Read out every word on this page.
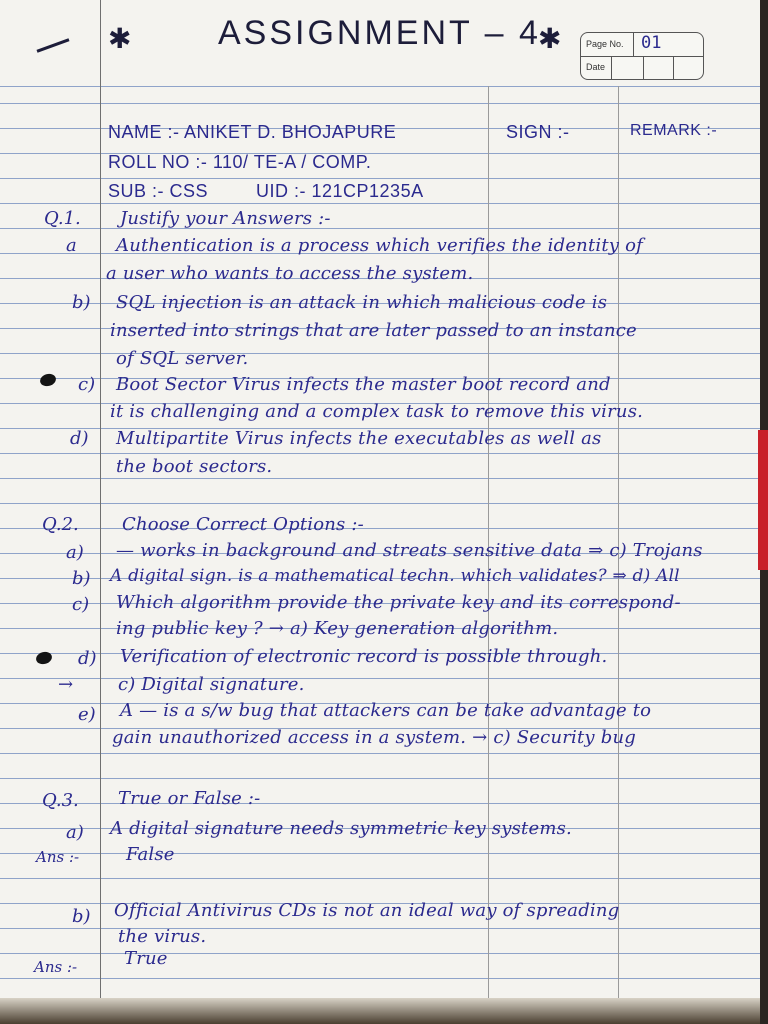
✱	ASSIGNMENT – 4
✱	Page No. 01
Date
NAME :- ANIKET D. BHOJAPURE	SIGN :-	REMARK :-
ROLL NO :- 110/ TE-A / COMP.
SUB :- CSS	UID :- 121CP1235A
Q.1. Justify your Answers :-
a Authentication is a process which verifies the identity of
a user who wants to access the system.
b) SQL injection is an attack in which malicious code is
inserted into strings that are later passed to an instance
of SQL server.
c) Boot Sector Virus infects the master boot record and
it is challenging and a complex task to remove this virus.
d) Multipartite Virus infects the executables as well as
the boot sectors.
Q.2. Choose Correct Options :-
a) — works in background and streats sensitive data ⇒ c) Trojans
b) A digital sign. is a mathematical techn. which validates? ⇒ d) All
c) Which algorithm provide the private key and its correspond-
ing public key ? → a) Key generation algorithm.
d) Verification of electronic record is possible through.
→ c) Digital signature.
e) A — is a s/w bug that attackers can be take advantage to
gain unauthorized access in a system. → c) Security bug
Q.3. True or False :-
a) A digital signature needs symmetric key systems.
Ans :-	False
b) Official Antivirus CDs is not an ideal way of spreading
the virus.
Ans :-	True
